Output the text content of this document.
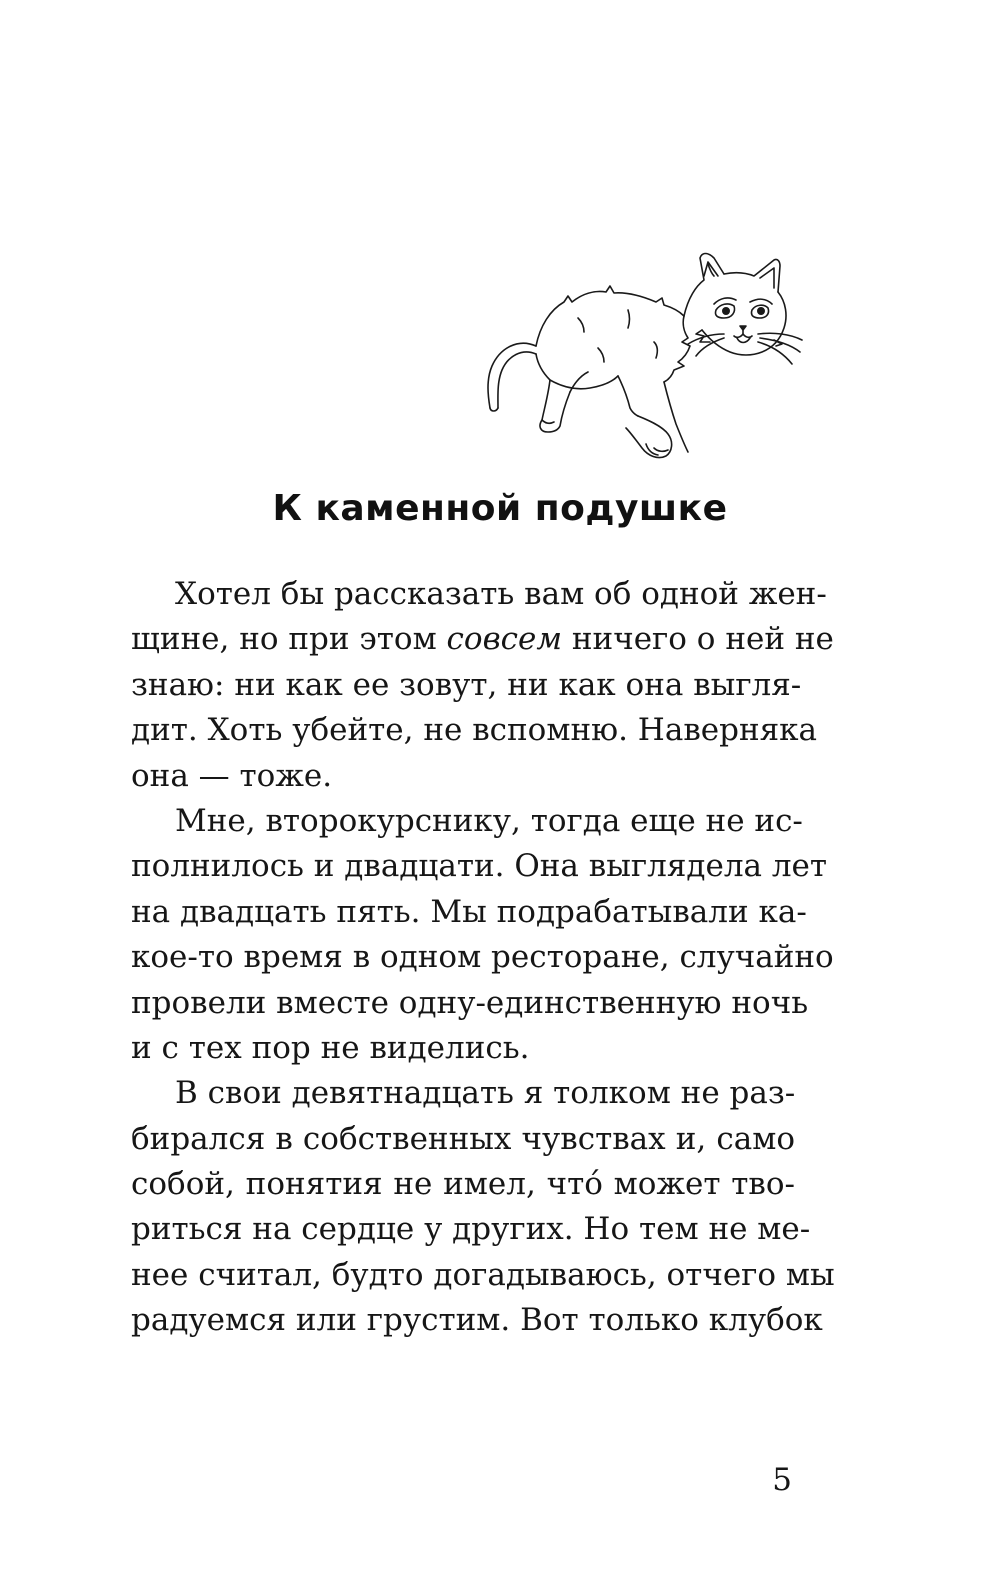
К каменной подушке
Хотел бы рассказать вам об одной жен-
щине, но при этом совсем ничего о ней не
знаю: ни как ее зовут, ни как она выгля-
дит. Хоть убейте, не вспомню. Наверняка
она — тоже.
Мне, второкурснику, тогда еще не ис-
полнилось и двадцати. Она выглядела лет
на двадцать пять. Мы подрабатывали ка-
кое-то время в одном ресторане, случайно
провели вместе одну-единственную ночь
и с тех пор не виделись.
В свои девятнадцать я толком не раз-
бирался в собственных чувствах и, само
собой, понятия не имел, что́ может тво-
риться на сердце у других. Но тем не ме-
нее считал, будто догадываюсь, отчего мы
радуемся или грустим. Вот только клубок
5
